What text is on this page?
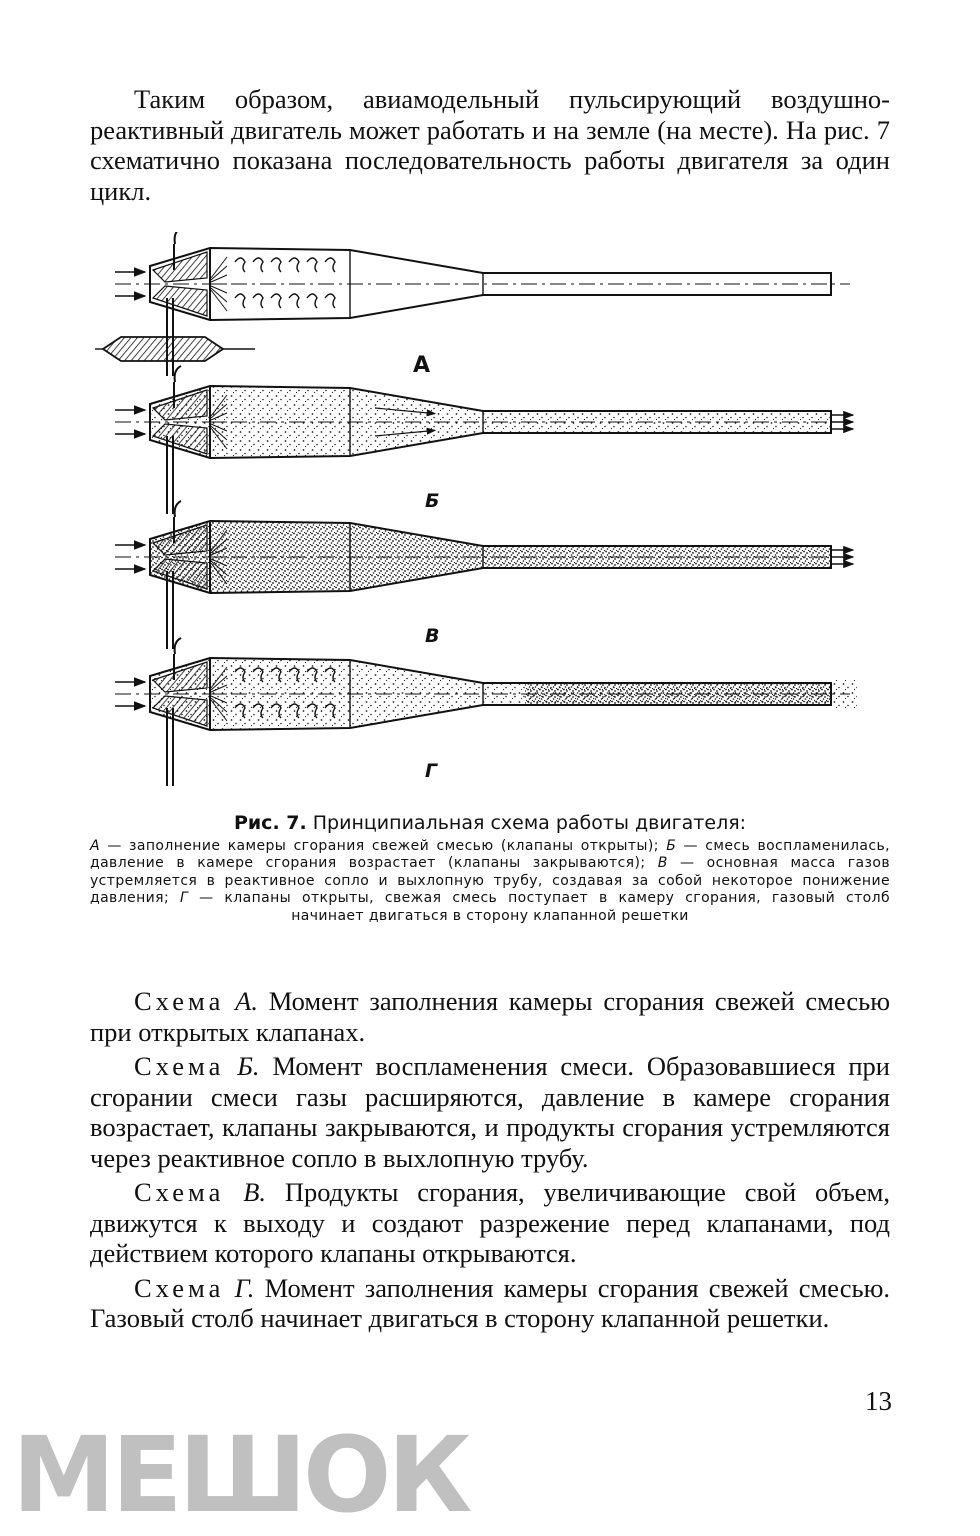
Таким образом, авиамодельный пульсирующий воздушно-реактивный двигатель может работать и на земле (на месте). На рис. 7 схематично показана последовательность работы двигателя за один цикл.

А
Б
В
Г

Рис. 7. Принципиальная схема работы двигателя:

А — заполнение камеры сгорания свежей смесью (клапаны открыты); Б — смесь воспламенилась, давление в камере сгорания возрастает (клапаны закрываются); В — основная масса газов устремляется в реактивное сопло и выхлопную трубу, создавая за собой некоторое понижение давления; Г — клапаны открыты, свежая смесь поступает в камеру сгорания, газовый столб начинает двигаться в сторону клапанной решетки

Схема А. Момент заполнения камеры сгорания свежей смесью при открытых клапанах.

Схема Б. Момент воспламенения смеси. Образовавшиеся при сгорании смеси газы расширяются, давление в камере сгорания возрастает, клапаны закрываются, и продукты сгорания устремляются через реактивное сопло в выхлопную трубу.

Схема В. Продукты сгорания, увеличивающие свой объем, движутся к выходу и создают разрежение перед клапанами, под действием которого клапаны открываются.

Схема Г. Момент заполнения камеры сгорания свежей смесью. Газовый столб начинает двигаться в сторону клапанной решетки.

13

МЕШОК
